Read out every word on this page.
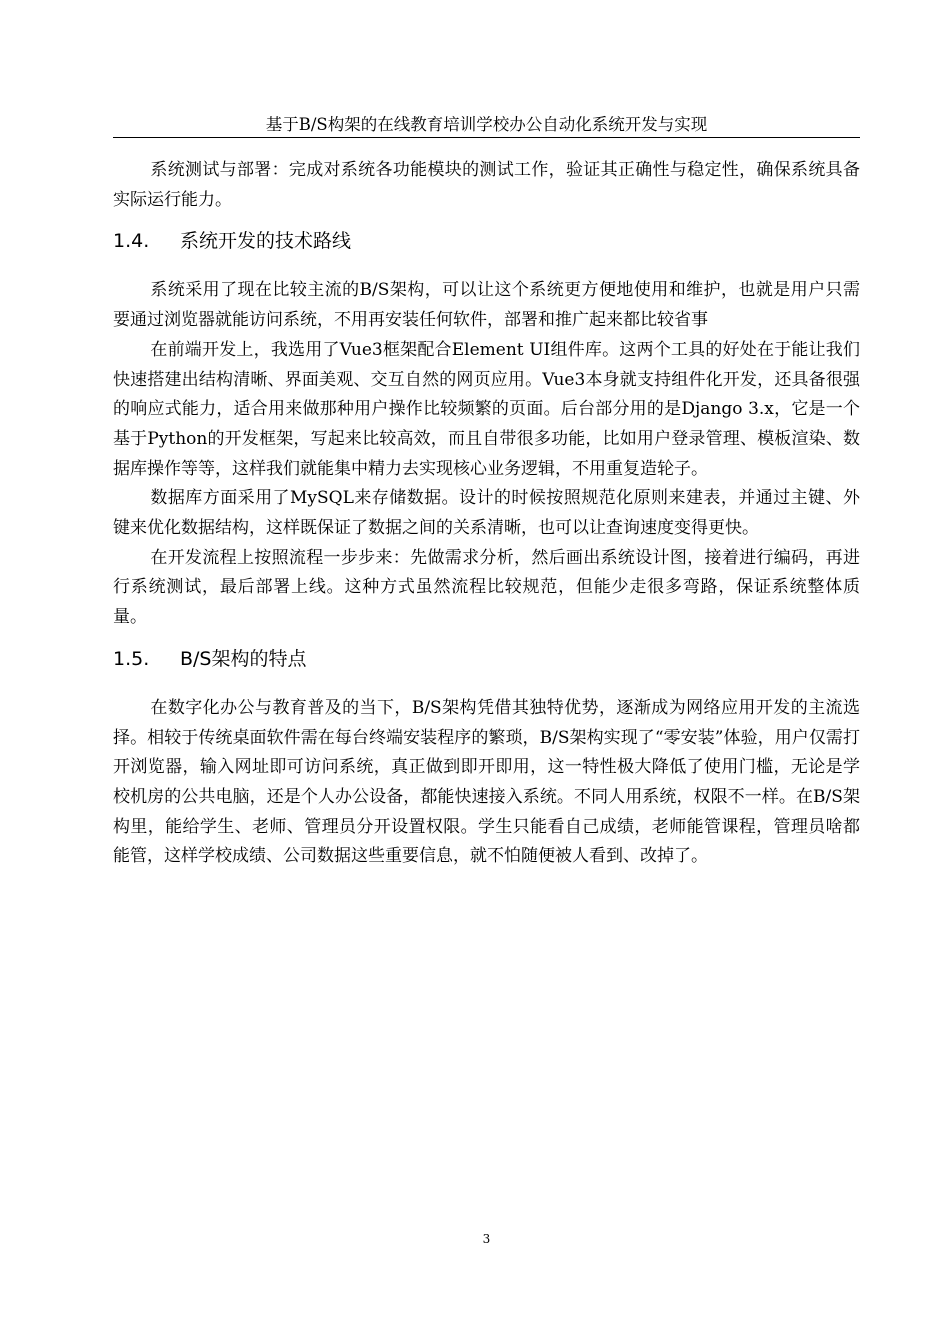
基于B/S构架的在线教育培训学校办公自动化系统开发与实现

系统测试与部署：完成对系统各功能模块的测试工作，验证其正确性与稳定性，确保系统具备实际运行能力。

1.4.	系统开发的技术路线

系统采用了现在比较主流的B/S架构，可以让这个系统更方便地使用和维护，也就是用户只需要通过浏览器就能访问系统，不用再安装任何软件，部署和推广起来都比较省事

在前端开发上，我选用了Vue3框架配合Element UI组件库。这两个工具的好处在于能让我们快速搭建出结构清晰、界面美观、交互自然的网页应用。Vue3本身就支持组件化开发，还具备很强的响应式能力，适合用来做那种用户操作比较频繁的页面。后台部分用的是Django 3.x，它是一个基于Python的开发框架，写起来比较高效，而且自带很多功能，比如用户登录管理、模板渲染、数据库操作等等，这样我们就能集中精力去实现核心业务逻辑，不用重复造轮子。

数据库方面采用了MySQL来存储数据。设计的时候按照规范化原则来建表，并通过主键、外键来优化数据结构，这样既保证了数据之间的关系清晰，也可以让查询速度变得更快。

在开发流程上按照流程一步步来：先做需求分析，然后画出系统设计图，接着进行编码，再进行系统测试，最后部署上线。这种方式虽然流程比较规范，但能少走很多弯路，保证系统整体质量。

1.5.	B/S架构的特点

在数字化办公与教育普及的当下，B/S架构凭借其独特优势，逐渐成为网络应用开发的主流选择。相较于传统桌面软件需在每台终端安装程序的繁琐，B/S架构实现了“零安装”体验，用户仅需打开浏览器，输入网址即可访问系统，真正做到即开即用，这一特性极大降低了使用门槛，无论是学校机房的公共电脑，还是个人办公设备，都能快速接入系统。不同人用系统，权限不一样。在B/S架构里，能给学生、老师、管理员分开设置权限。学生只能看自己成绩，老师能管课程，管理员啥都能管，这样学校成绩、公司数据这些重要信息，就不怕随便被人看到、改掉了。

3
